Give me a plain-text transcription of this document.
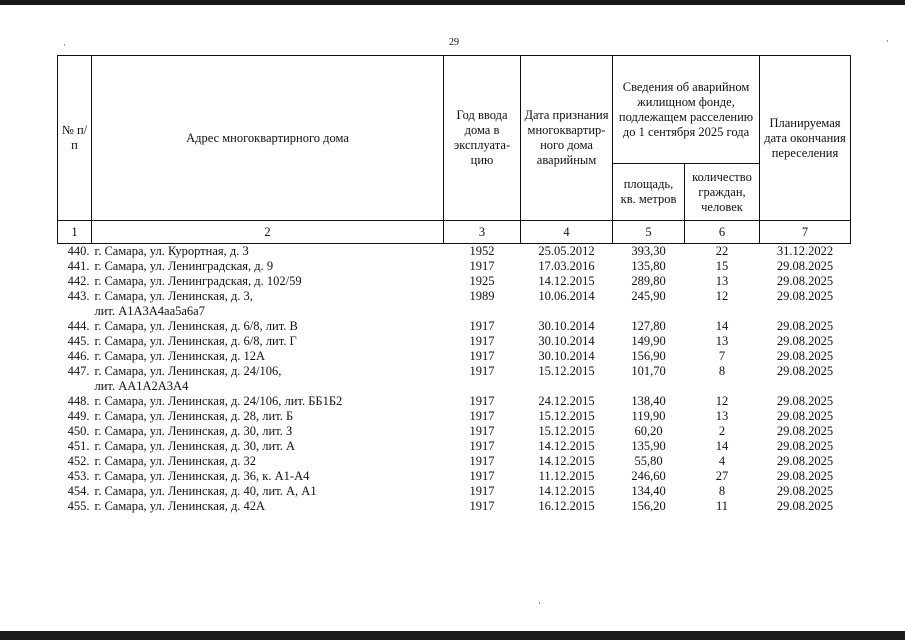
29
·	·
·
№ п/п	Адрес многоквартирного дома	Год ввода дома в эксплуата-цию	Дата признания многоквартир-ного дома аварийным	Сведения об аварийном жилищном фонде, подлежащем расселению до 1 сентября 2025 года		Планируемая дата окончания переселения
				площадь, кв. метров	количество граждан, человек	
1	2	3	4	5	6	7
440.	г. Самара, ул. Курортная, д. 3	1952	25.05.2012	393,30	22	31.12.2022
441.	г. Самара, ул. Ленинградская, д. 9	1917	17.03.2016	135,80	15	29.08.2025
442.	г. Самара, ул. Ленинградская, д. 102/59	1925	14.12.2015	289,80	13	29.08.2025
443.	г. Самара, ул. Ленинская, д. 3,
лит. А1А3А4аа5а6а7	1989	10.06.2014	245,90	12	29.08.2025
444.	г. Самара, ул. Ленинская, д. 6/8, лит. В	1917	30.10.2014	127,80	14	29.08.2025
445.	г. Самара, ул. Ленинская, д. 6/8, лит. Г	1917	30.10.2014	149,90	13	29.08.2025
446.	г. Самара, ул. Ленинская, д. 12А	1917	30.10.2014	156,90	7	29.08.2025
447.	г. Самара, ул. Ленинская, д. 24/106,
лит. АА1А2А3А4	1917	15.12.2015	101,70	8	29.08.2025
448.	г. Самара, ул. Ленинская, д. 24/106, лит. ББ1Б2	1917	24.12.2015	138,40	12	29.08.2025
449.	г. Самара, ул. Ленинская, д. 28, лит. Б	1917	15.12.2015	119,90	13	29.08.2025
450.	г. Самара, ул. Ленинская, д. 30, лит. З	1917	15.12.2015	60,20	2	29.08.2025
451.	г. Самара, ул. Ленинская, д. 30, лит. А	1917	14.12.2015	135,90	14	29.08.2025
452.	г. Самара, ул. Ленинская, д. 32	1917	14.12.2015	55,80	4	29.08.2025
453.	г. Самара, ул. Ленинская, д. 36, к. А1-А4	1917	11.12.2015	246,60	27	29.08.2025
454.	г. Самара, ул. Ленинская, д. 40, лит. А, А1	1917	14.12.2015	134,40	8	29.08.2025
455.	г. Самара, ул. Ленинская, д. 42А	1917	16.12.2015	156,20	11	29.08.2025
